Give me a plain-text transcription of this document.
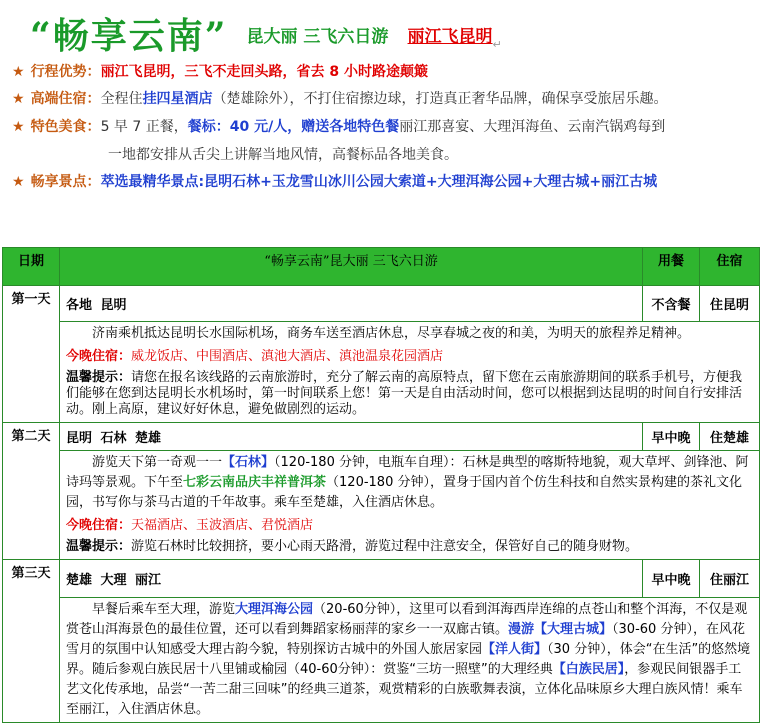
“畅享云南” 昆大丽 三飞六日游 丽江飞昆明↵
★ 行程优势：丽江飞昆明，三飞不走回头路，省去 8 小时路途颠簸
★ 高端住宿：全程住挂四星酒店（楚雄除外），不打住宿擦边球，打造真正奢华品牌，确保享受旅居乐趣。
★ 特色美食：5 早 7 正餐，餐标：40 元/人，赠送各地特色餐丽江那喜宴、大理洱海鱼、云南汽锅鸡每到
一地都安排从舌尖上讲解当地风情，高餐标品各地美食。
★ 畅享景点：萃选最精华景点:昆明石林+玉龙雪山冰川公园大索道+大理洱海公园+大理古城+丽江古城
日期	“畅享云南”昆大丽 三飞六日游	用餐	住宿
第一天	各地 昆明	不含餐	住昆明
	济南乘机抵达昆明长水国际机场，商务车送至酒店休息，尽享春城之夜的和美，为明天的旅程养足精神。		
	今晚住宿：威龙饭店、中围酒店、滇池大酒店、滇池温泉花园酒店		
	温馨提示：请您在报名该线路的云南旅游时，充分了解云南的高原特点，留下您在云南旅游期间的联系手机号，方便我们能够在您到达昆明长水机场时，第一时间联系上您！第一天是自由活动时间，您可以根据到达昆明的时间自行安排活动。刚上高原，建议好好休息，避免做剧烈的运动。		
第二天	昆明 石林 楚雄	早中晚	住楚雄
	游览天下第一奇观一一【石林】（120-180 分钟，电瓶车自理）：石林是典型的喀斯特地貌，观大草坪、剑锋池、阿诗玛等景观。下午至七彩云南品庆丰祥普洱茶（120-180 分钟），置身于国内首个仿生科技和自然实景构建的茶礼文化园，书写你与茶马古道的千年故事。乘车至楚雄，入住酒店休息。		
	今晚住宿：天福酒店、玉波酒店、君悦酒店		
	温馨提示：游览石林时比较拥挤，要小心雨天路滑，游览过程中注意安全，保管好自己的随身财物。		
第三天	楚雄 大理 丽江	早中晚	住丽江
	早餐后乘车至大理，游览大理洱海公园（20-60分钟），这里可以看到洱海西岸连绵的点苍山和整个洱海，不仅是观赏苍山洱海景色的最佳位置，还可以看到舞蹈家杨丽萍的家乡一一双廊古镇。漫游【大理古城】（30-60 分钟），在风花雪月的氛围中认知感受大理古韵今貌，特别探访古城中的外国人旅居家园【洋人街】（30 分钟），体会“在生活”的悠然境界。随后参观白族民居十八里铺或榆园（40-60分钟）：赏鉴“三坊一照壁”的大理经典【白族民居】，参观民间银器手工艺文化传承地，品尝“一苦二甜三回味”的经典三道茶，观赏精彩的白族歌舞表演，立体化品味原乡大理白族风情！乘车至丽江，入住酒店休息。		
